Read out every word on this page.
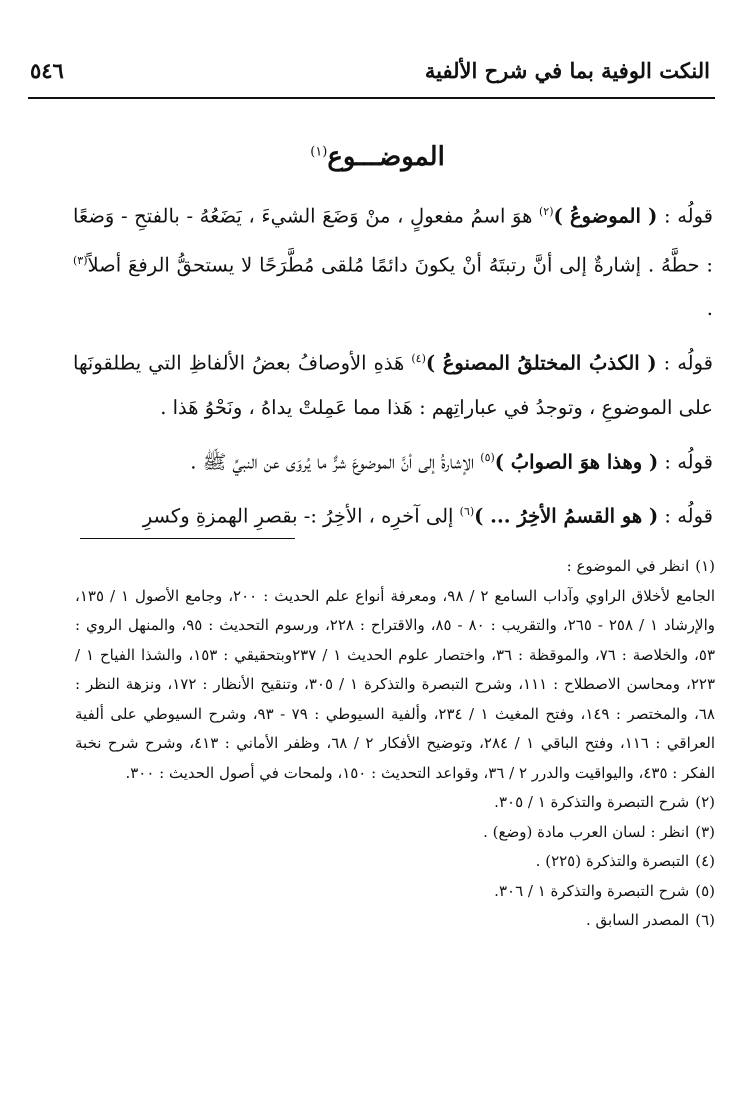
النكت الوفية بما في شرح الألفية
٥٤٦
الموضـــوع$^{(١)}$

قولُه : ( الموضوعُ )$^{(٢)}$ هوَ اسمُ مفعولٍ ، منْ وَضَعَ الشيءَ ، يَضَعُهُ - بالفتحِ - وَضعًا : حطَّهُ . إشارةٌ إلى أنَّ رتبتَهُ أنْ يكونَ دائمًا مُلقى مُطَّرَحًا لا يستحقُّ الرفعَ أصلاً$^{(٣)}$ .

قولُه : ( الكذبُ المختلقُ المصنوعُ )$^{(٤)}$ هَذهِ الأوصافُ بعضُ الألفاظِ التي يطلقونَها على الموضوعِ ، وتوجدُ في عباراتِهم : هَذا مما عَمِلتْ يداهُ ، ونَحْوُ هَذا .

قولُه : ( وهذا هوَ الصوابُ )$^{(٥)}$ الإشارةُ إلى أنَّ الموضوعَ شرٌّ ما يُروَى عن النبيِّ ﷺ .

قولُه : ( هو القسمُ الأخِرُ ... )$^{(٦)}$ إلى آخرِه ، الأخِرُ :- بقصرِ الهمزةِ وكسرِ

(١)انظر في الموضوع :

الجامع لأخلاق الراوي وآداب السامع ٢ / ٩٨، ومعرفة أنواع علم الحديث : ٢٠٠، وجامع الأصول ١ / ١٣٥، والإرشاد ١ / ٢٥٨ - ٢٦٥، والتقريب : ٨٠ - ٨٥، والاقتراح : ٢٢٨، ورسوم التحديث : ٩٥، والمنهل الروي : ٥٣، والخلاصة : ٧٦، والموقظة : ٣٦، واختصار علوم الحديث ١ / ٢٣٧وبتحقيقي : ١٥٣، والشذا الفياح ١ / ٢٢٣، ومحاسن الاصطلاح : ١١١، وشرح التبصرة والتذكرة ١ / ٣٠٥، وتنقيح الأنظار : ١٧٢، ونزهة النظر : ٦٨، والمختصر : ١٤٩، وفتح المغيث ١ / ٢٣٤، وألفية السيوطي : ٧٩ - ٩٣، وشرح السيوطي على ألفية العراقي : ١١٦، وفتح الباقي ١ / ٢٨٤، وتوضيح الأفكار ٢ / ٦٨، وظفر الأماني : ٤١٣، وشرح شرح نخبة الفكر : ٤٣٥، واليواقيت والدرر ٢ / ٣٦، وقواعد التحديث : ١٥٠، ولمحات في أصول الحديث : ٣٠٠.

(٢)شرح التبصرة والتذكرة ١ / ٣٠٥.

(٣)انظر : لسان العرب مادة (وضع) .

(٤)التبصرة والتذكرة (٢٢٥) .

(٥)شرح التبصرة والتذكرة ١ / ٣٠٦.

(٦)المصدر السابق .
